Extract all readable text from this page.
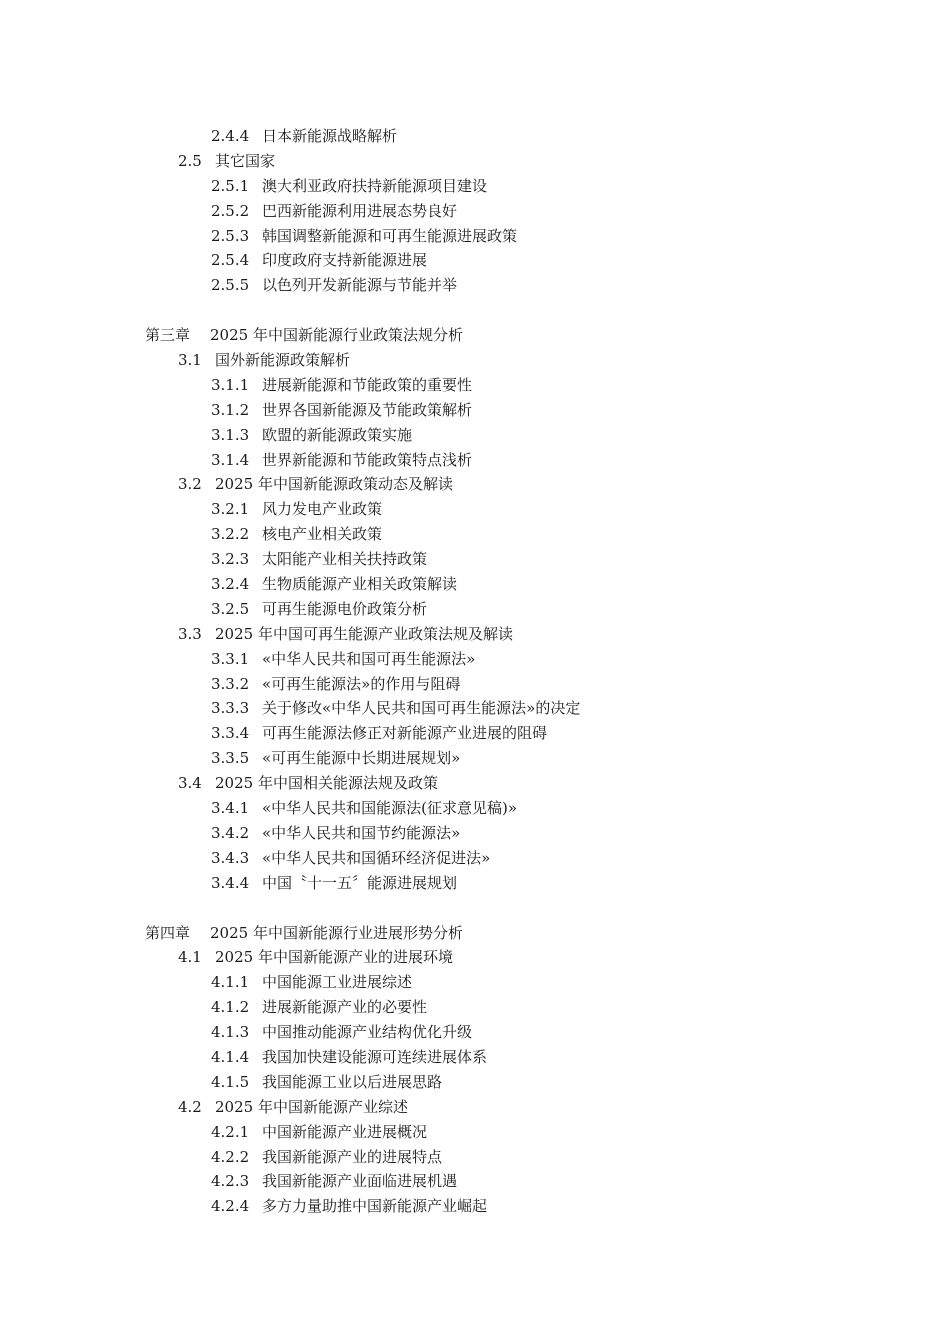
2.4.4 日本新能源战略解析
2.5 其它国家
2.5.1 澳大利亚政府扶持新能源项目建设
2.5.2 巴西新能源利用进展态势良好
2.5.3 韩国调整新能源和可再生能源进展政策
2.5.4 印度政府支持新能源进展
2.5.5 以色列开发新能源与节能并举
第三章 2025 年中国新能源行业政策法规分析
3.1 国外新能源政策解析
3.1.1 进展新能源和节能政策的重要性
3.1.2 世界各国新能源及节能政策解析
3.1.3 欧盟的新能源政策实施
3.1.4 世界新能源和节能政策特点浅析
3.2 2025 年中国新能源政策动态及解读
3.2.1 风力发电产业政策
3.2.2 核电产业相关政策
3.2.3 太阳能产业相关扶持政策
3.2.4 生物质能源产业相关政策解读
3.2.5 可再生能源电价政策分析
3.3 2025 年中国可再生能源产业政策法规及解读
3.3.1 «中华人民共和国可再生能源法»
3.3.2 «可再生能源法»的作用与阻碍
3.3.3 关于修改«中华人民共和国可再生能源法»的决定
3.3.4 可再生能源法修正对新能源产业进展的阻碍
3.3.5 «可再生能源中长期进展规划»
3.4 2025 年中国相关能源法规及政策
3.4.1 «中华人民共和国能源法(征求意见稿)»
3.4.2 «中华人民共和国节约能源法»
3.4.3 «中华人民共和国循环经济促进法»
3.4.4 中国〝十一五〞能源进展规划
第四章 2025 年中国新能源行业进展形势分析
4.1 2025 年中国新能源产业的进展环境
4.1.1 中国能源工业进展综述
4.1.2 进展新能源产业的必要性
4.1.3 中国推动能源产业结构优化升级
4.1.4 我国加快建设能源可连续进展体系
4.1.5 我国能源工业以后进展思路
4.2 2025 年中国新能源产业综述
4.2.1 中国新能源产业进展概况
4.2.2 我国新能源产业的进展特点
4.2.3 我国新能源产业面临进展机遇
4.2.4 多方力量助推中国新能源产业崛起
